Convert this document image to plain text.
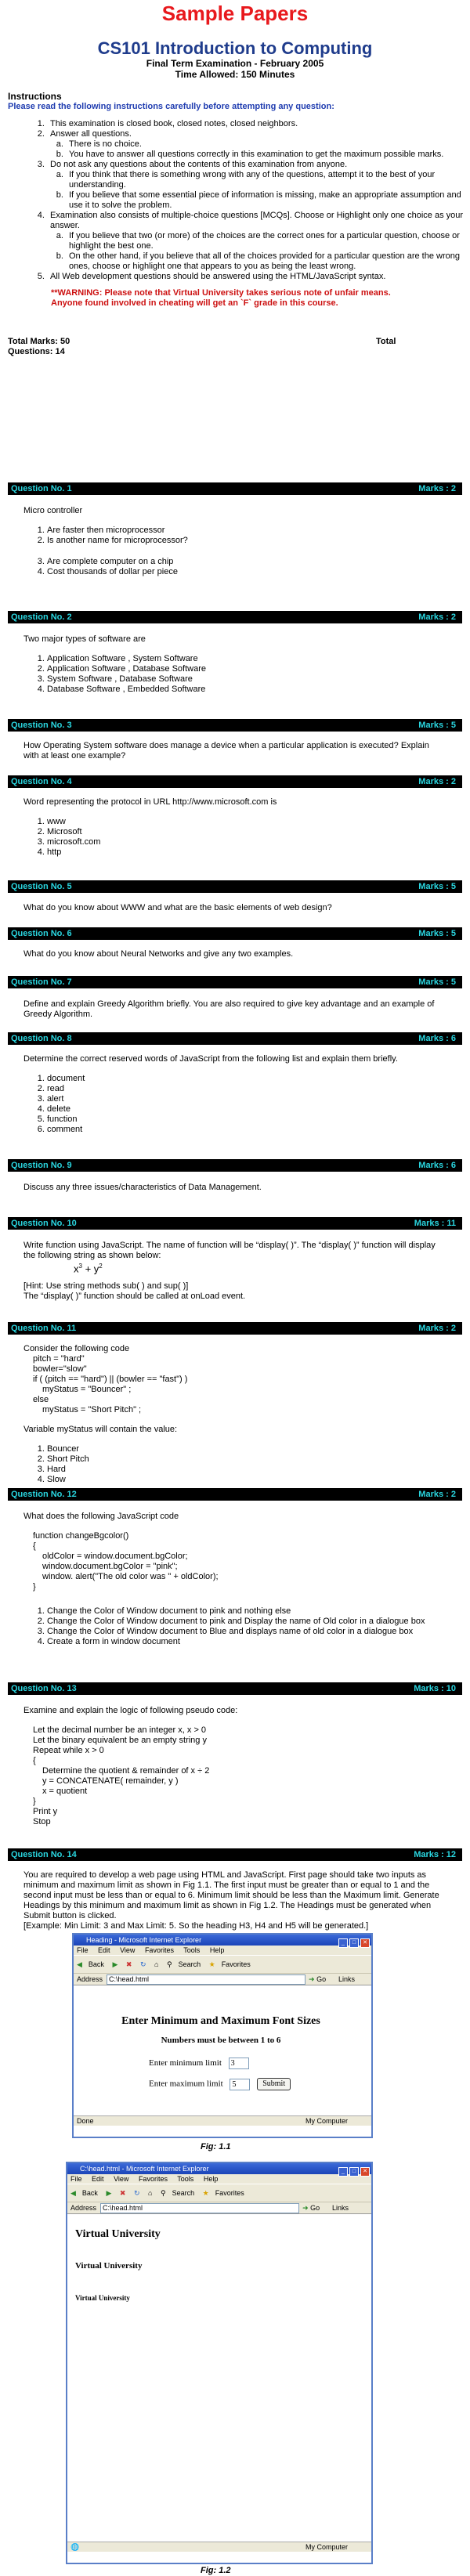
Sample Papers
CS101 Introduction to Computing
Final Term Examination - February 2005
Time Allowed: 150 Minutes
Instructions
Please read the following instructions carefully before attempting any question:
1. This examination is closed book, closed notes, closed neighbors.
2. Answer all questions.
a. There is no choice.
b. You have to answer all questions correctly in this examination to get the maximum possible marks.
3. Do not ask any questions about the contents of this examination from anyone.
a. If you think that there is something wrong with any of the questions, attempt it to the best of your understanding.
b. If you believe that some essential piece of information is missing, make an appropriate assumption and use it to solve the problem.
4. Examination also consists of multiple-choice questions [MCQs]. Choose or Highlight only one choice as your answer.
a. If you believe that two (or more) of the choices are the correct ones for a particular question, choose or highlight the best one.
b. On the other hand, if you believe that all of the choices provided for a particular question are the wrong ones, choose or highlight one that appears to you as being the least wrong.
5. All Web development questions should be answered using the HTML/JavaScript syntax.
**WARNING: Please note that Virtual University takes serious note of unfair means. Anyone found involved in cheating will get an `F` grade in this course.
Total Marks: 50
Questions: 14
Total
Question No. 1	Marks : 2

Micro controller

1. Are faster then microprocessor
2. Is another name for microprocessor?
3. Are complete computer on a chip
4. Cost thousands of dollar per piece
Question No. 2	Marks : 2

Two major types of software are

1. Application Software , System Software
2. Application Software , Database Software
3. System Software , Database Software
4. Database Software , Embedded Software
Question No. 3	Marks : 5

How Operating System software does manage a device when a particular application is executed? Explain with at least one example?

Question No. 4	Marks : 2

Word representing the protocol in URL http://www.microsoft.com is

1. www
2. Microsoft
3. microsoft.com
4. http
Question No. 5	Marks : 5

What do you know about WWW and what are the basic elements of web design?

Question No. 6	Marks : 5

What do you know about Neural Networks and give any two examples.

Question No. 7	Marks : 5

Define and explain Greedy Algorithm briefly. You are also required to give key advantage and an example of Greedy Algorithm.

Question No. 8	Marks : 6

Determine the correct reserved words of JavaScript from the following list and explain them briefly.

1. document
2. read
3. alert
4. delete
5. function
6. comment
Question No. 9	Marks : 6

Discuss any three issues/characteristics of Data Management.

Question No. 10	Marks : 11

Write function using JavaScript. The name of function will be “display( )”. The “display( )” function will display the following string as shown below:

$x^3 + y^2$

[Hint: Use string methods sub( ) and sup( )]

The “display( )” function should be called at onLoad event.

Question No. 11	Marks : 2

Consider the following code

pitch = "hard"

bowler="slow"

if ( (pitch == "hard") || (bowler == "fast") )

myStatus = "Bouncer" ;

else

myStatus = "Short Pitch" ;

Variable myStatus will contain the value:

1. Bouncer
2. Short Pitch
3. Hard
4. Slow
Question No. 12	Marks : 2

What does the following JavaScript code

function changeBgcolor()

{

oldColor = window.document.bgColor;

window.document.bgColor = "pink";

window. alert("The old color was " + oldColor);

}

1. Change the Color of Window document to pink and nothing else
2. Change the Color of Window document to pink and Display the name of Old color in a dialogue box
3. Change the Color of Window document to Blue and displays name of old color in a dialogue box
4. Create a form in window document
Question No. 13	Marks : 10

Examine and explain the logic of following pseudo code:

Let the decimal number be an integer x, x > 0

Let the binary equivalent be an empty string y

Repeat while x > 0

{

Determine the quotient & remainder of x ÷ 2

y = CONCATENATE( remainder, y )

x = quotient

}

Print y

Stop

Question No. 14	Marks : 12

You are required to develop a web page using HTML and JavaScript. First page should take two inputs as minimum and maximum limit as shown in Fig 1.1. The first input must be greater than or equal to 1 and the second input must be less than or equal to 6. Minimum limit should be less than the Maximum limit. Generate Headings by this minimum and maximum limit as shown in Fig 1.2. The Headings must be generated when Submit button is clicked.

[Example: Min Limit: 3 and Max Limit: 5. So the heading H3, H4 and H5 will be generated.]

Heading - Microsoft Internet Explorer	_ □ ✕
File Edit View Favorites Tools Help
◀ Back ▶ ✖ ↻ ⌂ ⚲ Search ★ Favorites
Address C:\head.html	➜ Go Links
Enter Minimum and Maximum Font Sizes
Numbers must be between 1 to 6
Enter minimum limit 3
Enter maximum limit 5	Submit
Done	My Computer
Fig: 1.1
C:\head.html - Microsoft Internet Explorer	_ □ ✕
File Edit View Favorites Tools Help
◀ Back ▶ ✖ ↻ ⌂ ⚲ Search ★ Favorites
Address C:\head.html	➜ Go Links
Virtual University
Virtual University
Virtual University
🌐	My Computer
Fig: 1.2
